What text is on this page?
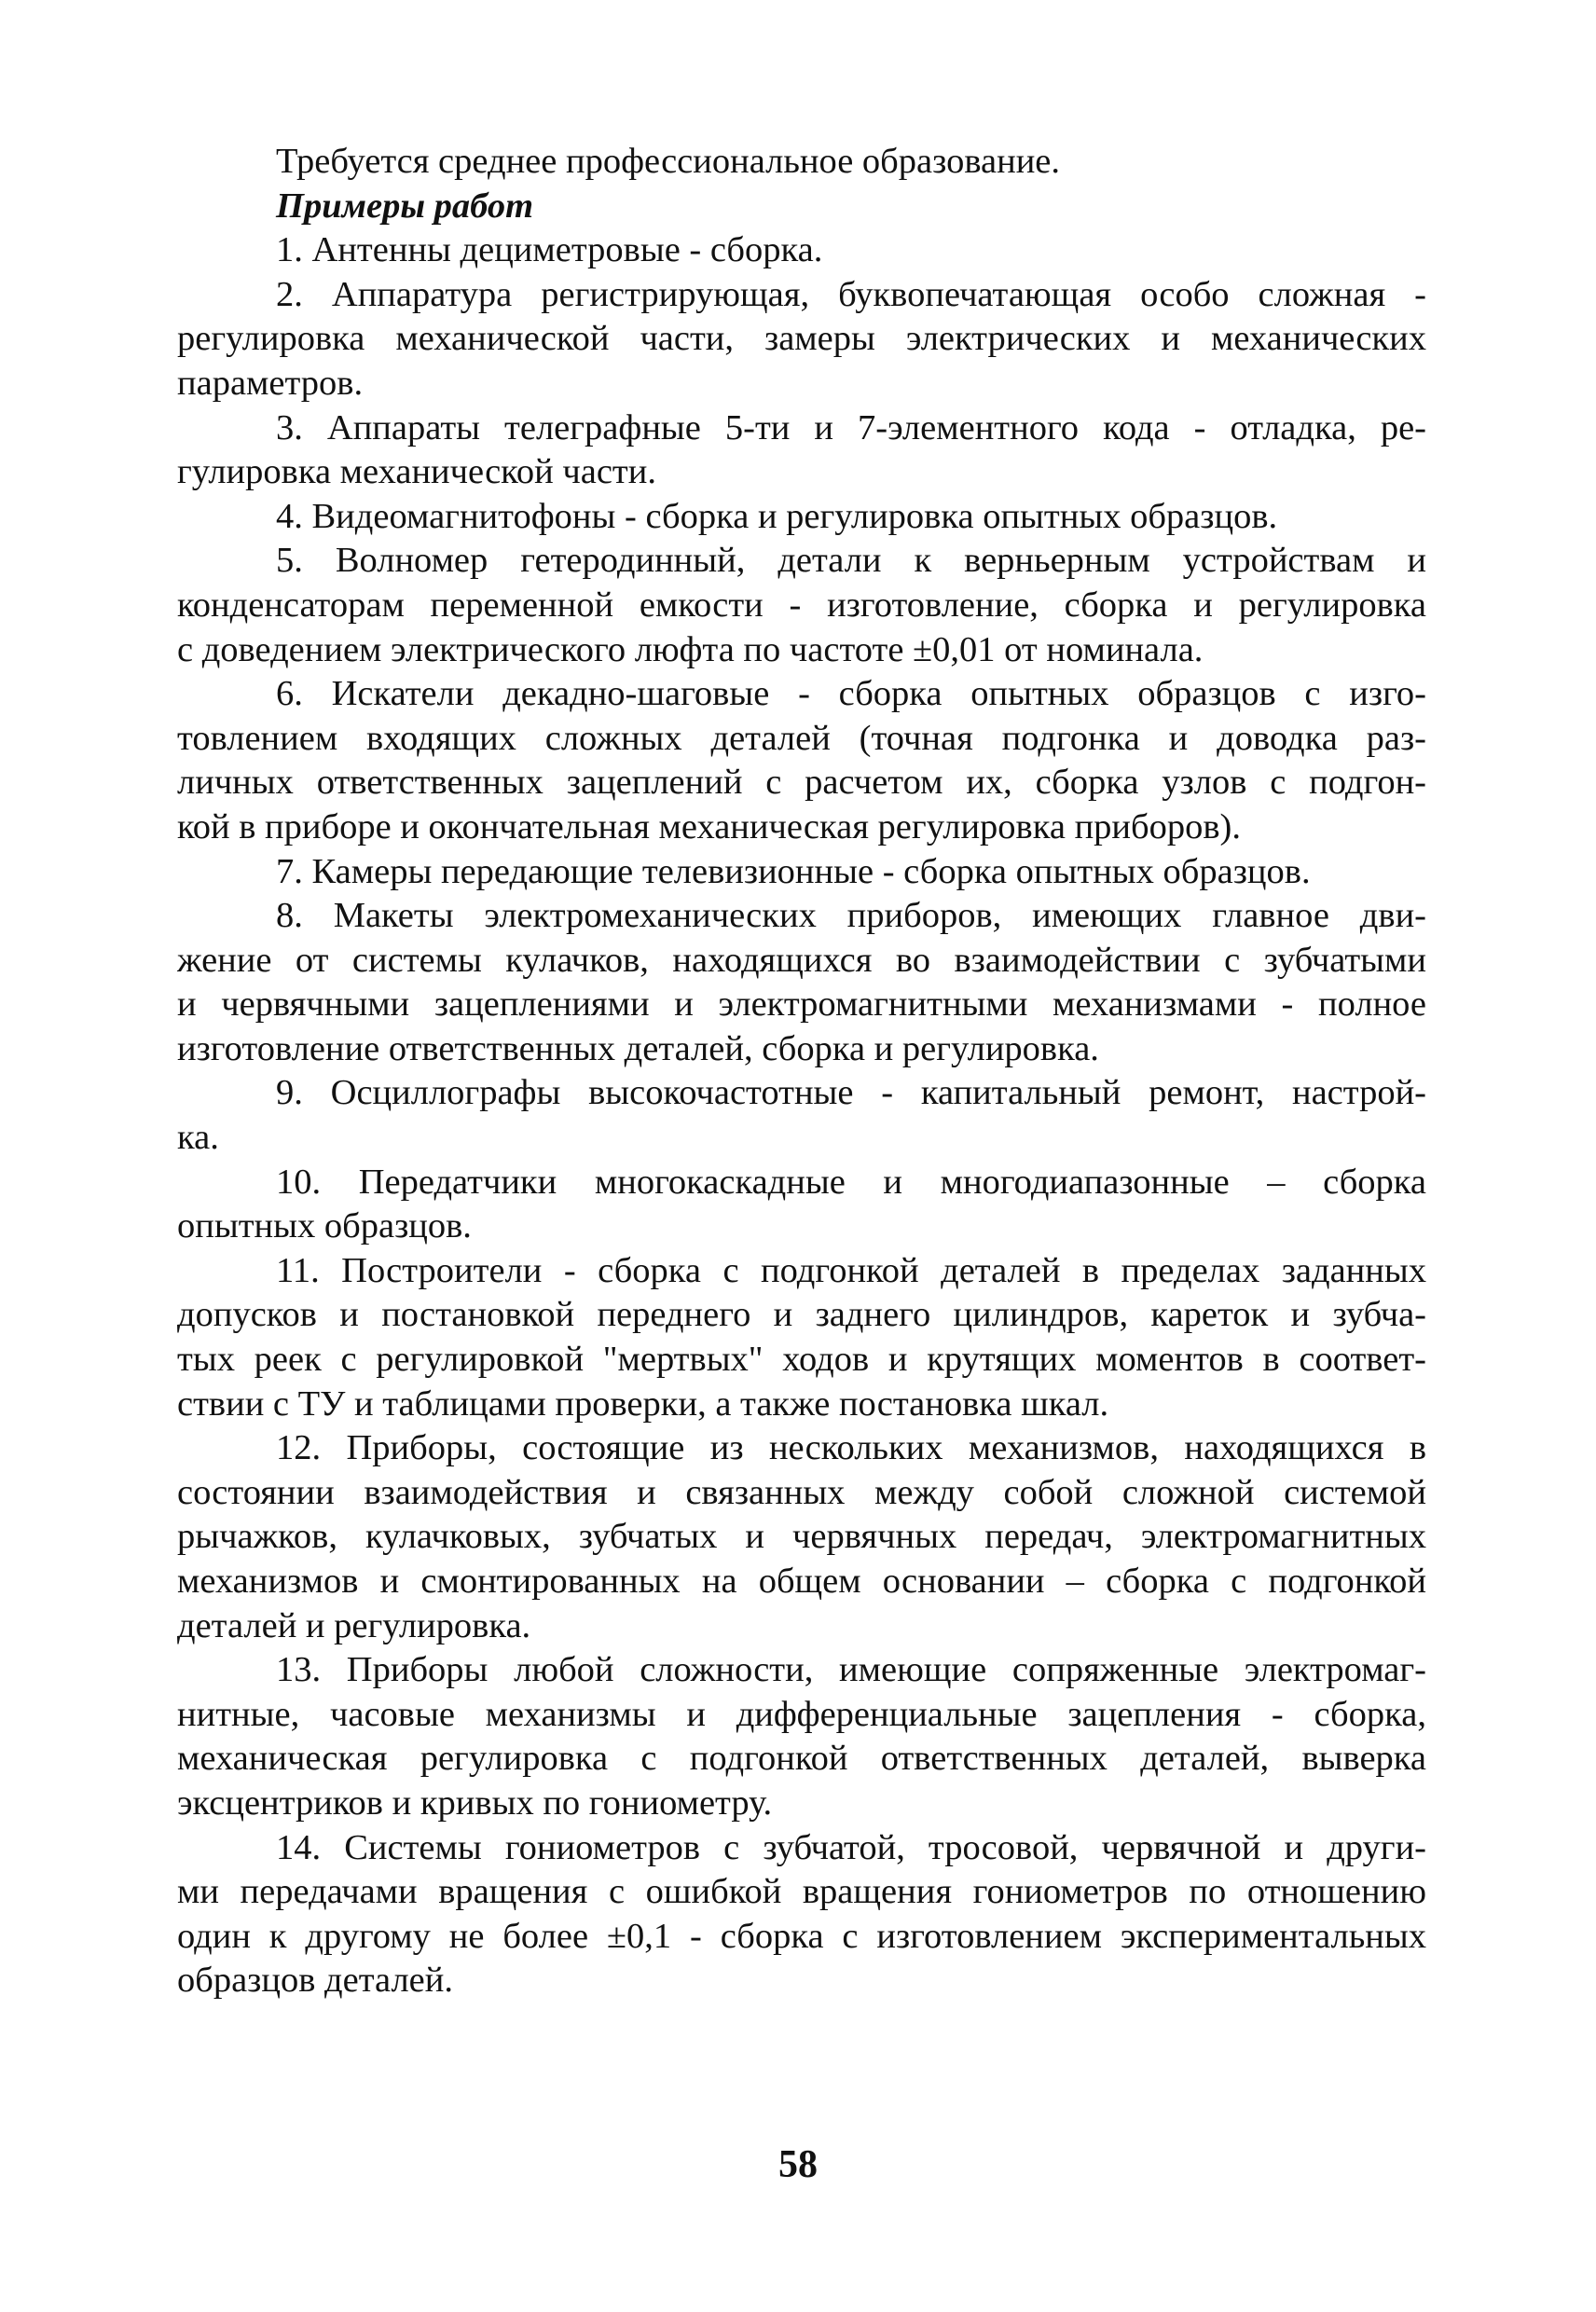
Требуется среднее профессиональное образование.
Примеры работ
1. Антенны дециметровые - сборка.
2. Аппаратура регистрирующая, буквопечатающая особо сложная -
регулировка механической части, замеры электрических и механических
параметров.
3. Аппараты телеграфные 5-ти и 7-элементного кода - отладка, ре-
гулировка механической части.
4. Видеомагнитофоны - сборка и регулировка опытных образцов.
5. Волномер гетеродинный, детали к верньерным устройствам и
конденсаторам переменной емкости - изготовление, сборка и регулировка
с доведением электрического люфта по частоте ±0,01 от номинала.
6. Искатели декадно-шаговые - сборка опытных образцов с изго-
товлением входящих сложных деталей (точная подгонка и доводка раз-
личных ответственных зацеплений с расчетом их, сборка узлов с подгон-
кой в приборе и окончательная механическая регулировка приборов).
7. Камеры передающие телевизионные - сборка опытных образцов.
8. Макеты электромеханических приборов, имеющих главное дви-
жение от системы кулачков, находящихся во взаимодействии с зубчатыми
и червячными зацеплениями и электромагнитными механизмами - полное
изготовление ответственных деталей, сборка и регулировка.
9. Осциллографы высокочастотные - капитальный ремонт, настрой-
ка.
10. Передатчики многокаскадные и многодиапазонные – сборка
опытных образцов.
11. Построители - сборка с подгонкой деталей в пределах заданных
допусков и постановкой переднего и заднего цилиндров, кареток и зубча-
тых реек с регулировкой "мертвых" ходов и крутящих моментов в соответ-
ствии с ТУ и таблицами проверки, а также постановка шкал.
12. Приборы, состоящие из нескольких механизмов, находящихся в
состоянии взаимодействия и связанных между собой сложной системой
рычажков, кулачковых, зубчатых и червячных передач, электромагнитных
механизмов и смонтированных на общем основании – сборка с подгонкой
деталей и регулировка.
13. Приборы любой сложности, имеющие сопряженные электромаг-
нитные, часовые механизмы и дифференциальные зацепления - сборка,
механическая регулировка с подгонкой ответственных деталей, выверка
эксцентриков и кривых по гониометру.
14. Системы гониометров с зубчатой, тросовой, червячной и други-
ми передачами вращения с ошибкой вращения гониометров по отношению
один к другому не более ±0,1 - сборка с изготовлением экспериментальных
образцов деталей.
58
